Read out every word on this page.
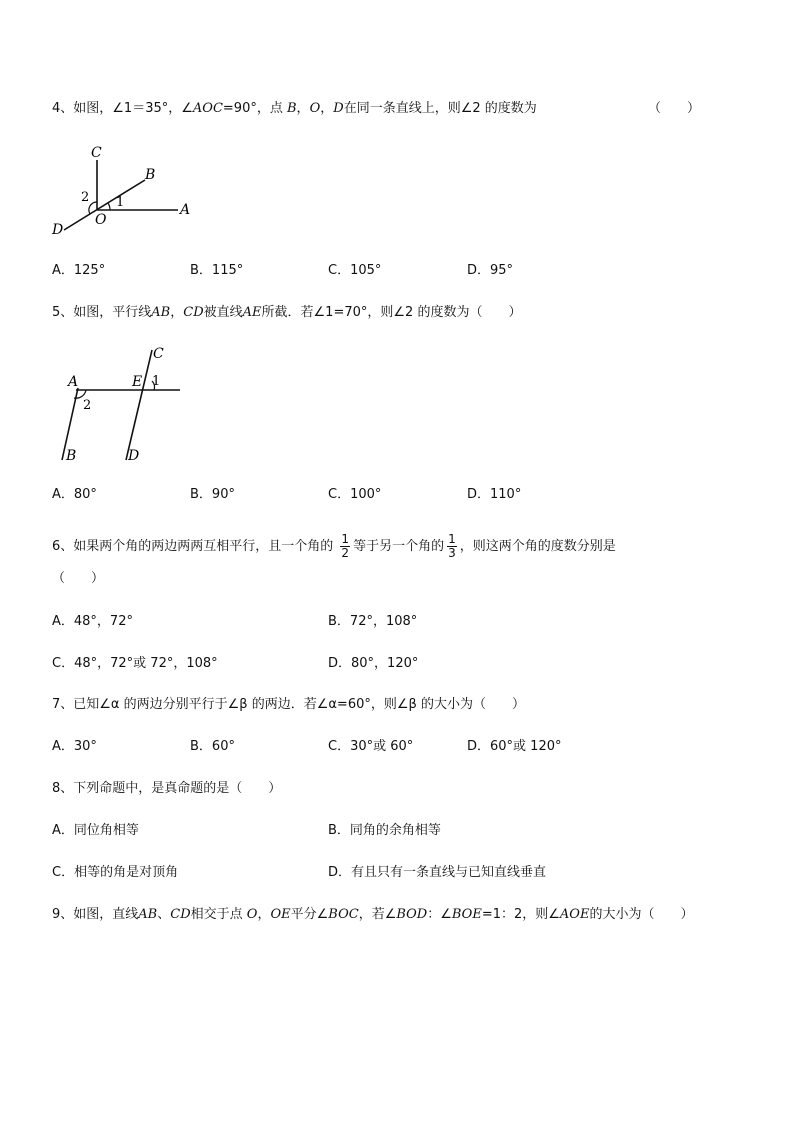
4、如图，∠1＝35°，∠AOC=90°，点 B，O，D在同一条直线上，则∠2 的度数为	（　　）
C
B
A
D
O
1
2
A．125°	B．115°	C．105°	D．95°
5、如图，平行线AB，CD被直线AE所截．若∠1=70°，则∠2 的度数为（　　）
A	E
C
1
2
B	D
A．80°	B．90°	C．100°	D．110°
6、如果两个角的两边两两互相平行，且一个角的 $\frac{1}{2}$ 等于另一个角的 $\frac{1}{3}$ ，则这两个角的度数分别是
（　　）
A．48°，72°	B．72°，108°
C．48°，72°或 72°，108°	D．80°，120°
7、已知∠α 的两边分别平行于∠β 的两边．若∠α=60°，则∠β 的大小为（　　）
A．30°	B．60°	C．30°或 60°	D．60°或 120°
8、下列命题中，是真命题的是（　　）
A．同位角相等	B．同角的余角相等
C．相等的角是对顶角	D．有且只有一条直线与已知直线垂直
9、如图，直线AB、CD相交于点 O，OE平分∠BOC，若∠BOD：∠BOE=1：2，则∠AOE的大小为（　　）
